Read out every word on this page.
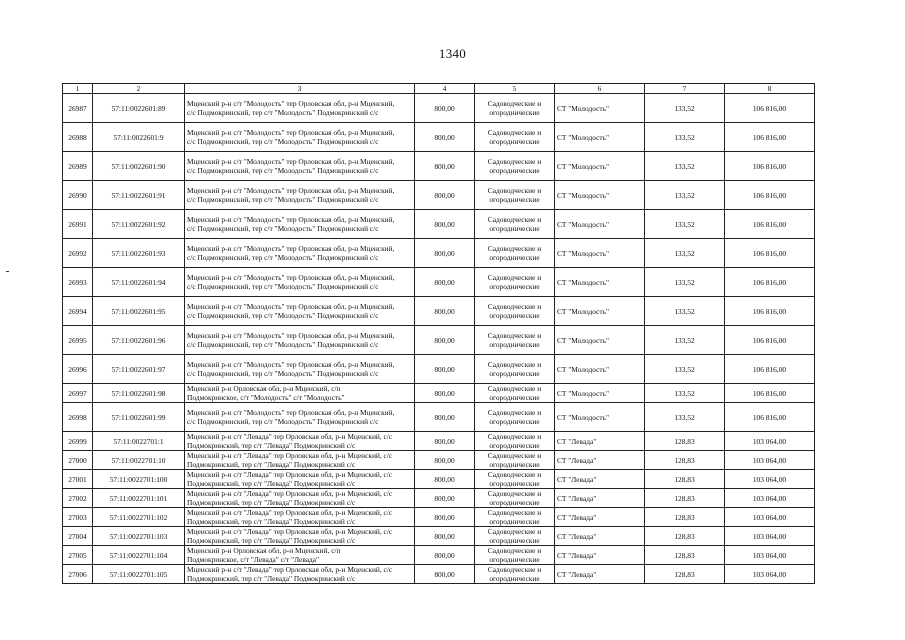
1340
1	2	3	4	5	6	7	8
26987	57:11:0022601:89	Мценский р-н с/т "Молодость" тер Орловская обл, р-н Мценский,
с/с Подмокринский, тер с/т "Молодость" Подмокринский с/с	800,00	Садоводческие и
огороднические	СТ "Молодость"	133,52	106 816,00
26988	57:11:0022601:9	Мценский р-н с/т "Молодость" тер Орловская обл, р-н Мценский,
с/с Подмокринский, тер с/т "Молодость" Подмокринский с/с	800,00	Садоводческие и
огороднические	СТ "Молодость"	133,52	106 816,00
26989	57:11:0022601:90	Мценский р-н с/т "Молодость" тер Орловская обл, р-н Мценский,
с/с Подмокринский, тер с/т "Молодость" Подмокринский с/с	800,00	Садоводческие и
огороднические	СТ "Молодость"	133,52	106 816,00
26990	57:11:0022601:91	Мценский р-н с/т "Молодость" тер Орловская обл, р-н Мценский,
с/с Подмокринский, тер с/т "Молодость" Подмокринский с/с	800,00	Садоводческие и
огороднические	СТ "Молодость"	133,52	106 816,00
26991	57:11:0022601:92	Мценский р-н с/т "Молодость" тер Орловская обл, р-н Мценский,
с/с Подмокринский, тер с/т "Молодость" Подмокринский с/с	800,00	Садоводческие и
огороднические	СТ "Молодость"	133,52	106 816,00
26992	57:11:0022601:93	Мценский р-н с/т "Молодость" тер Орловская обл, р-н Мценский,
с/с Подмокринский, тер с/т "Молодость" Подмокринский с/с	800,00	Садоводческие и
огороднические	СТ "Молодость"	133,52	106 816,00
26993	57:11:0022601:94	Мценский р-н с/т "Молодость" тер Орловская обл, р-н Мценский,
с/с Подмокринский, тер с/т "Молодость" Подмокринский с/с	800,00	Садоводческие и
огороднические	СТ "Молодость"	133,52	106 816,00
26994	57:11:0022601:95	Мценский р-н с/т "Молодость" тер Орловская обл, р-н Мценский,
с/с Подмокринский, тер с/т "Молодость" Подмокринский с/с	800,00	Садоводческие и
огороднические	СТ "Молодость"	133,52	106 816,00
26995	57:11:0022601:96	Мценский р-н с/т "Молодость" тер Орловская обл, р-н Мценский,
с/с Подмокринский, тер с/т "Молодость" Подмокринский с/с	800,00	Садоводческие и
огороднические	СТ "Молодость"	133,52	106 816,00
26996	57:11:0022601:97	Мценский р-н с/т "Молодость" тер Орловская обл, р-н Мценский,
с/с Подмокринский, тер с/т "Молодость" Подмокринский с/с	800,00	Садоводческие и
огороднические	СТ "Молодость"	133,52	106 816,00
26997	57:11:0022601:98	Мценский р-н Орловская обл, р-н Мценский, с/п
Подмокринское, с/т "Молодость" с/т "Молодость"	800,00	Садоводческие и
огороднические	СТ "Молодость"	133,52	106 816,00
26998	57:11:0022601:99	Мценский р-н с/т "Молодость" тер Орловская обл, р-н Мценский,
с/с Подмокринский, тер с/т "Молодость" Подмокринский с/с	800,00	Садоводческие и
огороднические	СТ "Молодость"	133,52	106 816,00
26999	57:11:0022701:1	Мценский р-н с/т "Левада" тер Орловская обл, р-н Мценский, с/с
Подмокринский, тер с/т "Левада" Подмокринский с/с	800,00	Садоводческие и
огороднические	СТ "Левада"	128,83	103 064,00
27000	57:11:0022701:10	Мценский р-н с/т "Левада" тер Орловская обл, р-н Мценский, с/с
Подмокринский, тер с/т "Левада" Подмокринский с/с	800,00	Садоводческие и
огороднические	СТ "Левада"	128,83	103 064,00
27001	57:11:0022701:100	Мценский р-н с/т "Левада" тер Орловская обл, р-н Мценский, с/с
Подмокринский, тер с/т "Левада" Подмокринский с/с	800,00	Садоводческие и
огороднические	СТ "Левада"	128,83	103 064,00
27002	57:11:0022701:101	Мценский р-н с/т "Левада" тер Орловская обл, р-н Мценский, с/с
Подмокринский, тер с/т "Левада" Подмокринский с/с	800,00	Садоводческие и
огороднические	СТ "Левада"	128,83	103 064,00
27003	57:11:0022701:102	Мценский р-н с/т "Левада" тер Орловская обл, р-н Мценский, с/с
Подмокринский, тер с/т "Левада" Подмокринский с/с	800,00	Садоводческие и
огороднические	СТ "Левада"	128,83	103 064,00
27004	57:11:0022701:103	Мценский р-н с/т "Левада" тер Орловская обл, р-н Мценский, с/с
Подмокринский, тер с/т "Левада" Подмокринский с/с	800,00	Садоводческие и
огороднические	СТ "Левада"	128,83	103 064,00
27005	57:11:0022701:104	Мценский р-н Орловская обл, р-н Мценский, с/п
Подмокринское, с/т "Левада" с/т "Левада"	800,00	Садоводческие и
огороднические	СТ "Левада"	128,83	103 064,00
27006	57:11:0022701:105	Мценский р-н с/т "Левада" тер Орловская обл, р-н Мценский, с/с
Подмокринский, тер с/т "Левада" Подмокринский с/с	800,00	Садоводческие и
огороднические	СТ "Левада"	128,83	103 064,00
